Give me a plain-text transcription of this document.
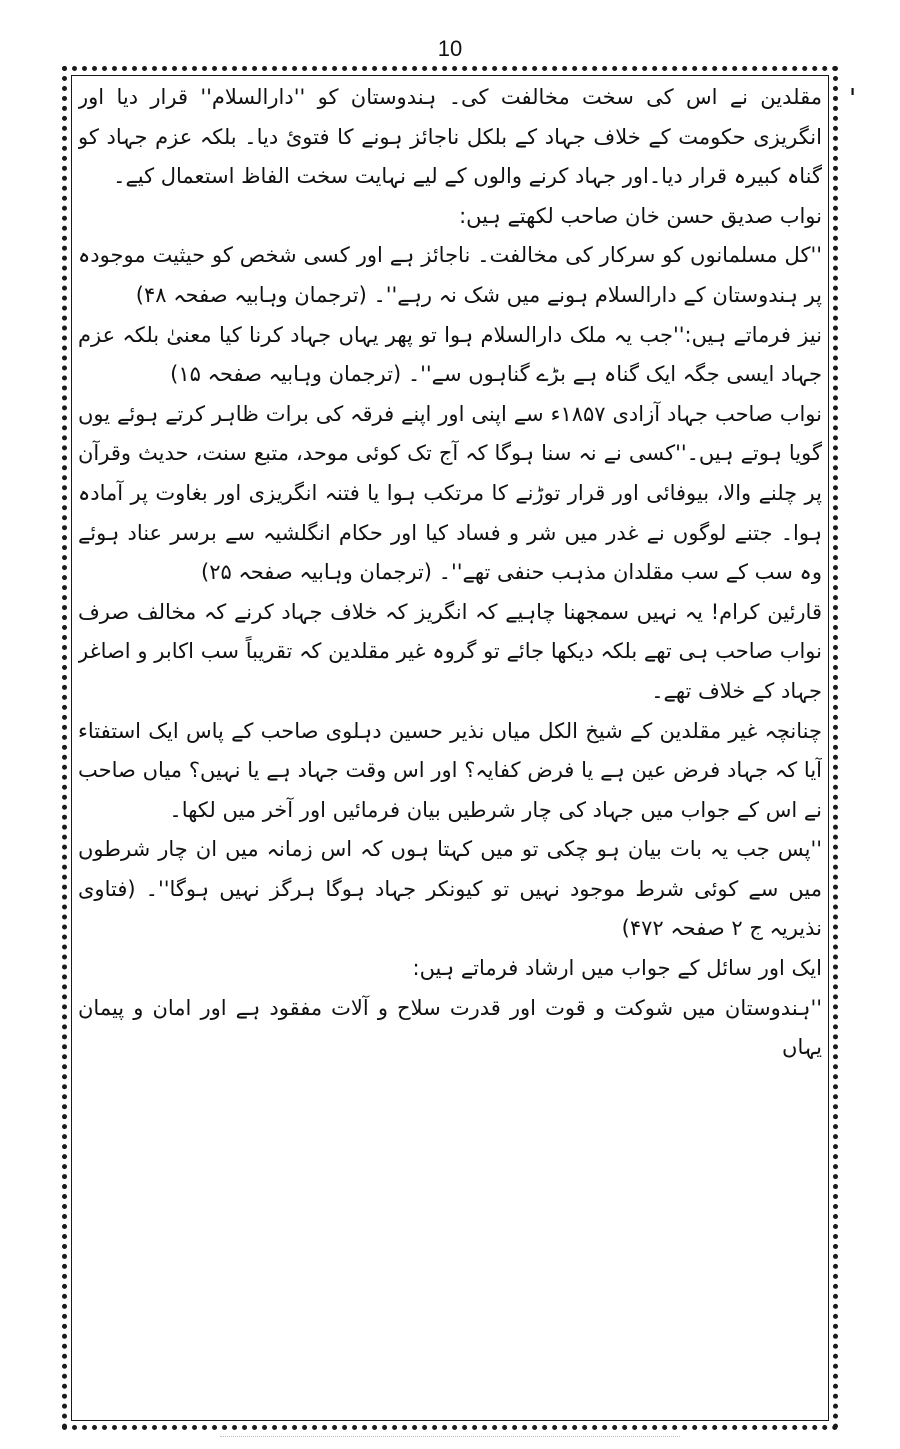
10
'

مقلدین نے اس کی سخت مخالفت کی۔ ہندوستان کو ''دارالسلام'' قرار دیا اور انگریزی حکومت کے خلاف جہاد کے بلکل ناجائز ہونے کا فتوئ دیا۔ بلکہ عزم جہاد کو گناہ کبیرہ قرار دیا۔اور جہاد کرنے والوں کے لیے نہایت سخت الفاظ استعمال کیے۔

نواب صدیق حسن خان صاحب لکھتے ہیں:

''کل مسلمانوں کو سرکار کی مخالفت۔ ناجائز ہے اور کسی شخص کو حیثیت موجودہ پر ہندوستان کے دارالسلام ہونے میں شک نہ رہے''۔ (ترجمان وہابیہ صفحہ ۴۸)

نیز فرماتے ہیں:''جب یہ ملک دارالسلام ہوا تو پھر یہاں جہاد کرنا کیا معنیٰ بلکہ عزم جہاد ایسی جگہ ایک گناہ ہے بڑے گناہوں سے''۔ (ترجمان وہابیہ صفحہ ۱۵)

نواب صاحب جہاد آزادی ۱۸۵۷ء سے اپنی اور اپنے فرقہ کی برات ظاہر کرتے ہوئے یوں گویا ہوتے ہیں۔''کسی نے نہ سنا ہوگا کہ آج تک کوئی موحد، متبع سنت، حدیث وقرآن پر چلنے والا، بیوفائی اور قرار توڑنے کا مرتکب ہوا یا فتنہ انگریزی اور بغاوت پر آمادہ ہوا۔ جتنے لوگوں نے غدر میں شر و فساد کیا اور حکام انگلشیہ سے برسر عناد ہوئے وہ سب کے سب مقلدان مذہب حنفی تھے''۔ (ترجمان وہابیہ صفحہ ۲۵)

قارئین کرام! یہ نہیں سمجھنا چاہیے کہ انگریز کہ خلاف جہاد کرنے کہ مخالف صرف نواب صاحب ہی تھے بلکہ دیکھا جائے تو گروہ غیر مقلدین کہ تقریباً سب اکابر و اصاغر جہاد کے خلاف تھے۔

چنانچہ غیر مقلدین کے شیخ الکل میاں نذیر حسین دہلوی صاحب کے پاس ایک استفتاء آیا کہ جہاد فرض عین ہے یا فرض کفایہ؟ اور اس وقت جہاد ہے یا نہیں؟ میاں صاحب نے اس کے جواب میں جہاد کی چار شرطیں بیان فرمائیں اور آخر میں لکھا۔

''پس جب یہ بات بیان ہو چکی تو میں کہتا ہوں کہ اس زمانہ میں ان چار شرطوں میں سے کوئی شرط موجود نہیں تو کیونکر جہاد ہوگا ہرگز نہیں ہوگا''۔ (فتاوی نذیریہ ج ۲ صفحہ ۴۷۲)

ایک اور سائل کے جواب میں ارشاد فرماتے ہیں:

''ہندوستان میں شوکت و قوت اور قدرت سلاح و آلات مفقود ہے اور امان و پیمان یہاں
